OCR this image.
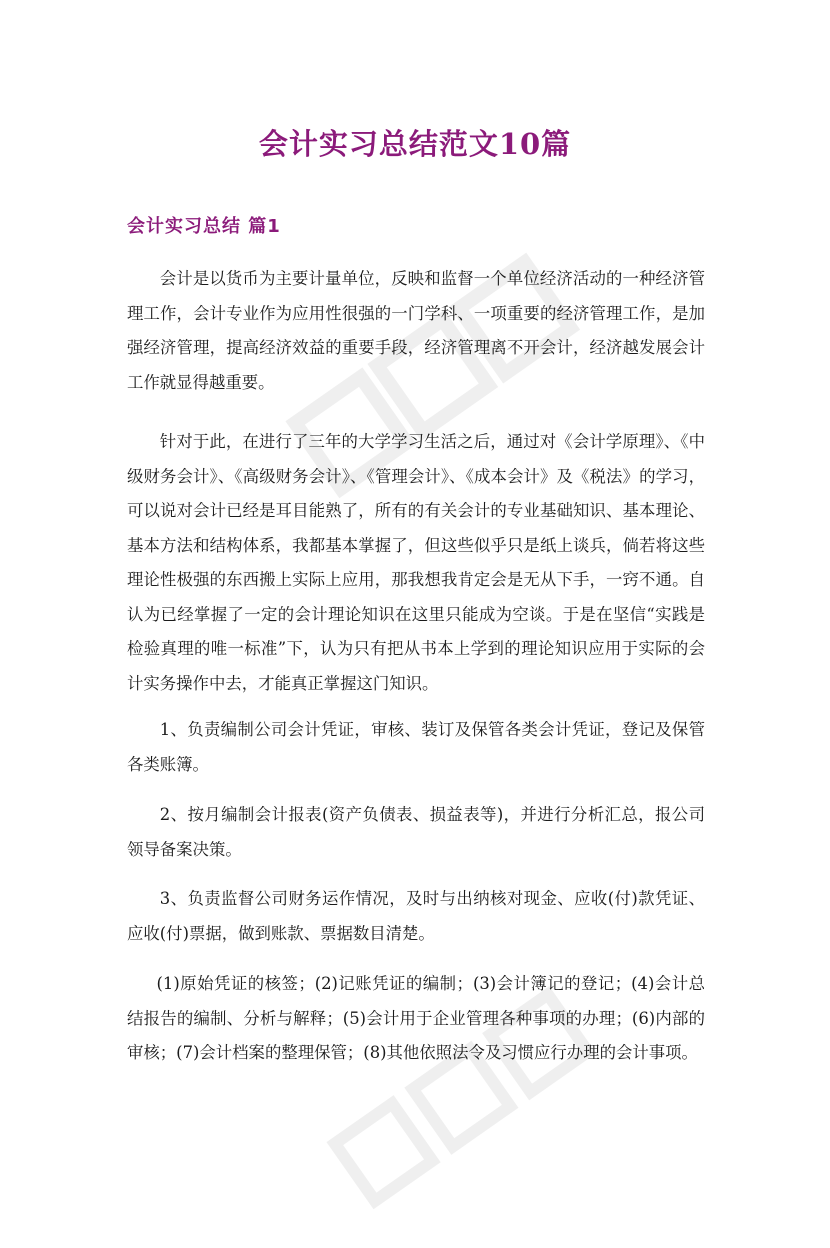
会计实习总结范文10篇
会计实习总结 篇1

会计是以货币为主要计量单位，反映和监督一个单位经济活动的一种经济管理工作，会计专业作为应用性很强的一门学科、一项重要的经济管理工作，是加强经济管理，提高经济效益的重要手段，经济管理离不开会计，经济越发展会计工作就显得越重要。

针对于此，在进行了三年的大学学习生活之后，通过对《会计学原理》、《中级财务会计》、《高级财务会计》、《管理会计》、《成本会计》及《税法》的学习，可以说对会计已经是耳目能熟了，所有的有关会计的专业基础知识、基本理论、基本方法和结构体系，我都基本掌握了，但这些似乎只是纸上谈兵，倘若将这些理论性极强的东西搬上实际上应用，那我想我肯定会是无从下手，一窍不通。自认为已经掌握了一定的会计理论知识在这里只能成为空谈。于是在坚信“实践是检验真理的唯一标准”下，认为只有把从书本上学到的理论知识应用于实际的会计实务操作中去，才能真正掌握这门知识。

1、负责编制公司会计凭证，审核、装订及保管各类会计凭证，登记及保管各类账簿。

2、按月编制会计报表(资产负债表、损益表等)，并进行分析汇总，报公司领导备案决策。

3、负责监督公司财务运作情况，及时与出纳核对现金、应收(付)款凭证、应收(付)票据，做到账款、票据数目清楚。

(1)原始凭证的核签；(2)记账凭证的编制；(3)会计簿记的登记；(4)会计总结报告的编制、分析与解释；(5)会计用于企业管理各种事项的办理；(6)内部的审核；(7)会计档案的整理保管；(8)其他依照法令及习惯应行办理的会计事项。
